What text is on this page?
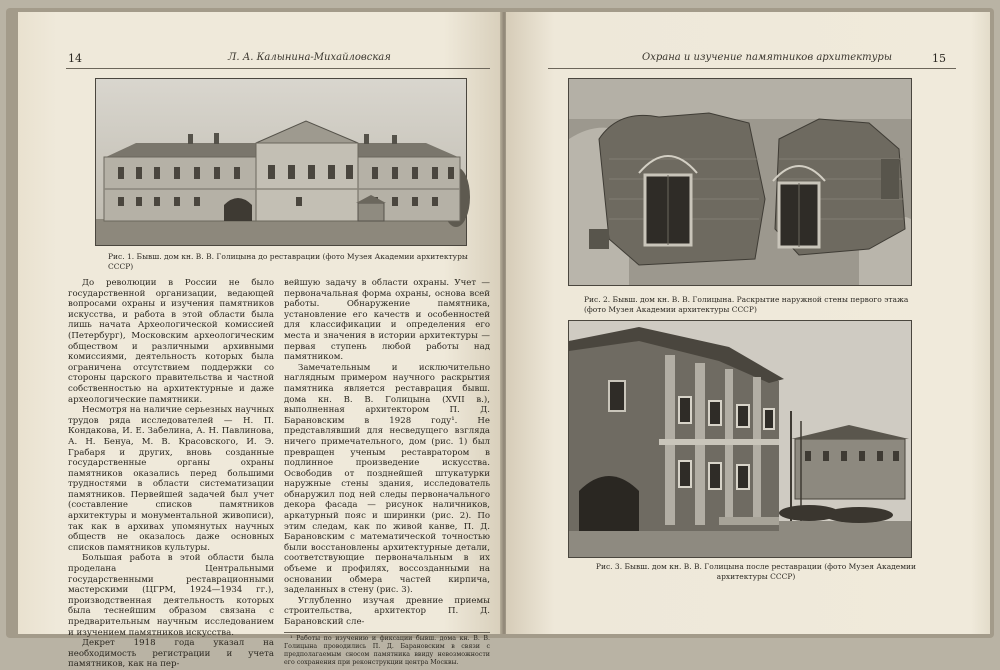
14	Л. А. Калынина-Михайловская
Рис. 1. Бывш. дом кн. В. В. Голицына до реставрации (фото Музея Академии архитектуры СССР)

До революции в России не было государственной организации, ведающей вопросами охраны и изучения памятников искусства, и работа в этой области была лишь начата Археологической комиссией (Петербург), Московским археологическим обществом и различными архивными комиссиями, деятельность которых была ограничена отсутствием поддержки со стороны царского правительства и частной собственностью на архитектурные и даже археологические памятники.

Несмотря на наличие серьезных научных трудов ряда исследователей — Н. П. Кондакова, И. Е. Забелина, А. Н. Павлинова, А. Н. Бенуа, М. В. Красовского, И. Э. Грабаря и других, вновь созданные государственные органы охраны памятников оказались перед большими трудностями в области систематизации памятников. Первейшей задачей был учет (составление списков памятников архитектуры и монументальной живописи), так как в архивах упомянутых научных обществ не оказалось даже основных списков памятников культуры.

Большая работа в этой области была проделана Центральными государственными реставрационными мастерскими (ЦГРМ, 1924—1934 гг.), производственная деятельность которых была теснейшим образом связана с предварительным научным исследованием и изучением памятников искусства.

Декрет 1918 года указал на необходимость регистрации и учета памятников, как на пер-

вейшую задачу в области охраны. Учет — первоначальная форма охраны, основа всей работы. Обнаружение памятника, установление его качеств и особенностей для классификации и определения его места и значения в истории архитектуры — первая ступень любой работы над памятником.

Замечательным и исключительно наглядным примером научного раскрытия памятника является реставрация бывш. дома кн. В. В. Голицына (XVII в.), выполненная архитектором П. Д. Барановским в 1928 году¹. Не представлявший для несведущего взгляда ничего примечательного, дом (рис. 1) был превращен ученым реставратором в подлинное произведение искусства. Освободив от позднейшей штукатурки наружные стены здания, исследователь обнаружил под ней следы первоначального декора фасада — рисунок наличников, аркатурный пояс и ширинки (рис. 2). По этим следам, как по живой канве, П. Д. Барановским с математической точностью были восстановлены архитектурные детали, соответствующие первоначальным в их объеме и профилях, воссозданными на основании обмера частей кирпича, заделанных в стену (рис. 3).

Углубленно изучая древние приемы строительства, архитектор П. Д. Барановский сле-

¹ Работы по изучению и фиксации бывш. дома кн. В. В. Голицына проводились П. Д. Барановским в связи с предполагаемым сносом памятника ввиду невозможности его сохранения при реконструкции центра Москвы.

Охрана и изучение памятников архитектуры	15
Рис. 2. Бывш. дом кн. В. В. Голицына. Раскрытие наружной стены первого этажа (фото Музея Академии архитектуры СССР)
Рис. 3. Бывш. дом кн. В. В. Голицына после реставрации (фото Музея Академии архитектуры СССР)
